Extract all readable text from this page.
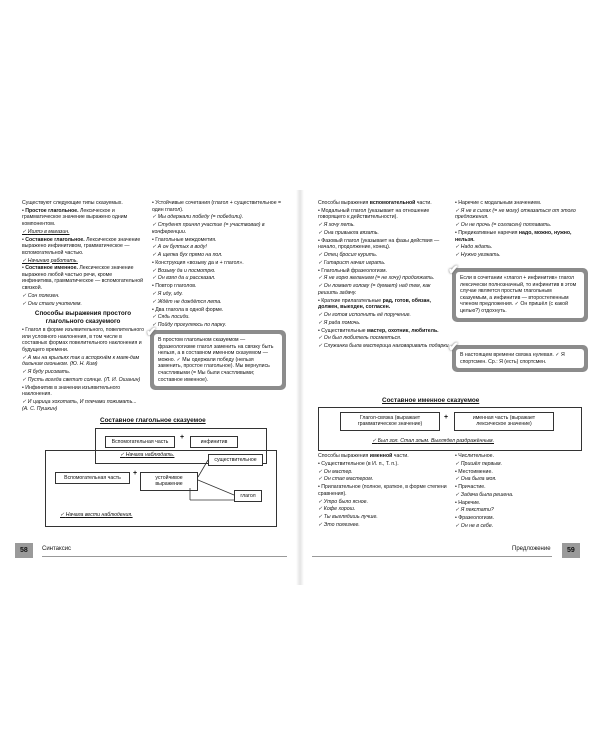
Существуют следующие типы сказуемых.

• Простое глагольное. Лексическое и грамматическое значение выражено одним компонентом.

✓ Иштэ в магазин.

• Составное глагольное. Лексическое значение выражено инфинитивом, грамматическое — вспомогательной частью.

✓ Начинаю работать.

• Составное именное. Лексическое значение выражено любой частью речи, кроме инфинитива, грамматическое — вспомогательной связкой.

✓ Сон полезен.

✓ Они стали учителем.

Способы выражения простого глагольного сказуемого

• Глагол в форме изъявительного, повелительного или условного наклонения, в том числе в составных формах повелительного наклонения и будущего времени.

✓ А мы на крыльях так и вспорхнём к маяк-дам дальним огоньком. (Ю. Н. Ким)

✓ Я буду рисовать.

✓ Пусть всегда светит солнце. (Л. И. Ошанин)

• Инфинитив в значении изъявительного наклонения.

✓ И царица хохотать, И плечами пожимать... (А. С. Пушкин)

• Устойчивые сочетания (глагол + существительное = один глагол).

✓ Мы одержали победу (= победили).

✓ Студент принял участие (= участвовал) в конференции.

• Глагольные междометия.

✓ А он бултых в воду!

✓ А щепка бух прямо на пол.

• Конструкция «возьму да и + глагол».

✓ Возьму да и посмотрю.

✓ Он взял да и рассказал.

• Повтор глаголов.

✓ Я иду, иду.

✓ Ждёт не дождётся лета.

• Два глагола в одной форме.

✓ Сядь посиди.

✓ Пойду прогуляюсь по парку.

✔
В простом глагольном сказуемом — фразеологизме глагол заменить на связку быть нельзя, а в составном именном сказуемом — можно. ✓ Мы одержали победу (нельзя заменить, простое глагольное). Мы вернулись счастливыми (= Мы были счастливыми; составное именное).
Составное глагольное сказуемое
Вспомогательная часть
+
инфинитив
✓ Начала наблюдать.
Вспомогательная часть
+
устойчивое выражение
существительное
глагол
✓ Начала вести наблюдения.
58	Синтаксис

Способы выражения вспомогательной части.

• Модальный глагол (указывает на отношение говорящего к действительности).

✓ Я хочу петь.

✓ Она привыкла вязать.

• Фазовый глагол (указывает на фазы действия — начало, продолжение, конец).

✓ Отец бросил курить.

✓ Гитарист начал играть.

• Глагольный фразеологизм.

✓ Я не горю желанием (= не хочу) продолжать.

✓ Он ломает голову (= думает) над тем, как решить задачу.

• Краткие прилагательные рад, готов, обязан, должен, выехден, согласен.

✓ Он готов исполнить её поручение.

✓ Я рада помочь.

• Существительные мастер, охотник, любитель.

✓ Он был любитель посмеяться.

✓ Служанка была мастерица наговаривать подарки.

• Наречие с модальным значением.

✓ Я не в силах (= не могу) отказаться от этого предложения.

✓ Он не прочь (= согласен) поплавать.

• Предикативные наречия надо, можно, нужно, нельзя.

✓ Надо ждать.

✓ Нужно уезжать.

✔
Если в сочетании «глагол + инфинитив» глагол лексически полнозначный, то инфинитив в этом случае является простым глагольным сказуемым, а инфинитив — второстепенным членом предложения. ✓ Он пришёл (с какой целью?) отдохнуть.
✔
В настоящем времени связка нулевая. ✓ Я спортсмен. Ср.: Я (есть) спортсмен.
Составное именное сказуемое
Глагол-связка (выражает грамматическое значение)
+	именная часть (выражает лексическое значение)
✓ Был зол. Стал злым. Выглядел раздражённым.

Способы выражения именной части.

• Существительное (в И. п., Т. п.).

✓ Он мастер.

✓ Он стал мастером.

• Прилагательное (полное, краткое, в форме степени сравнения).

✓ Утро было ясное.

✓ Кофе хорош.

✓ Ты выглядишь лучше.

✓ Это полезнее.

• Числительное.

✓ Пришёл первым.

• Местоимение.

✓ Она была моя.

• Причастие.

✓ Задача была решена.

• Наречие.

✓ Я пекстати?

• Фразеологизм.

✓ Он не в себе.

Предложение	59
